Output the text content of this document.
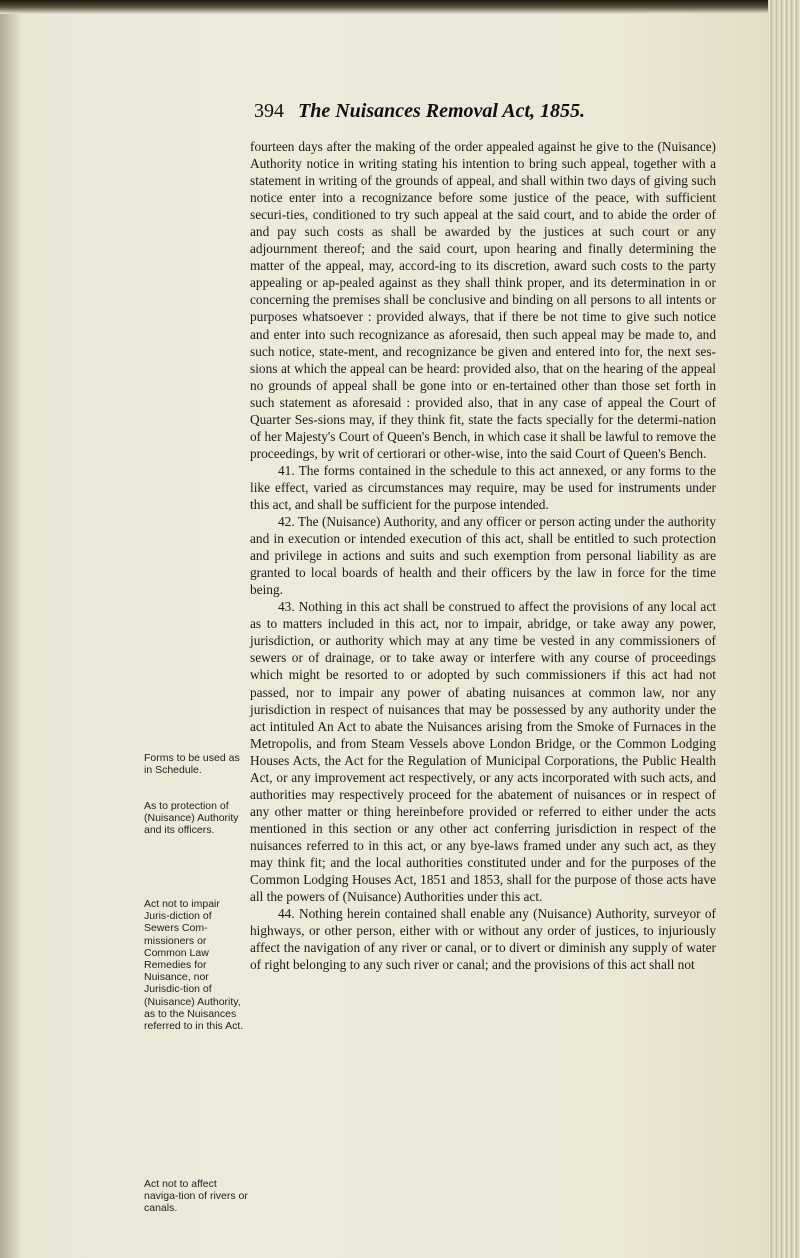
394 The Nuisances Removal Act, 1855.
Forms to be used as in Schedule.
As to protection of (Nuisance) Authority and its officers.
Act not to impair Juris-diction of Sewers Com-missioners or Common Law Remedies for Nuisance, nor Jurisdic-tion of (Nuisance) Authority, as to the Nuisances referred to in this Act.
Act not to affect naviga-tion of rivers or canals.

fourteen days after the making of the order appealed against he give to the (Nuisance) Authority notice in writing stating his intention to bring such appeal, together with a statement in writing of the grounds of appeal, and shall within two days of giving such notice enter into a recognizance before some justice of the peace, with sufficient securi-ties, conditioned to try such appeal at the said court, and to abide the order of and pay such costs as shall be awarded by the justices at such court or any adjournment thereof; and the said court, upon hearing and finally determining the matter of the appeal, may, accord-ing to its discretion, award such costs to the party appealing or ap-pealed against as they shall think proper, and its determination in or concerning the premises shall be conclusive and binding on all persons to all intents or purposes whatsoever : provided always, that if there be not time to give such notice and enter into such recognizance as aforesaid, then such appeal may be made to, and such notice, state-ment, and recognizance be given and entered into for, the next ses-sions at which the appeal can be heard: provided also, that on the hearing of the appeal no grounds of appeal shall be gone into or en-tertained other than those set forth in such statement as aforesaid : provided also, that in any case of appeal the Court of Quarter Ses-sions may, if they think fit, state the facts specially for the determi-nation of her Majesty's Court of Queen's Bench, in which case it shall be lawful to remove the proceedings, by writ of certiorari or other-wise, into the said Court of Queen's Bench.

41. The forms contained in the schedule to this act annexed, or any forms to the like effect, varied as circumstances may require, may be used for instruments under this act, and shall be sufficient for the purpose intended.

42. The (Nuisance) Authority, and any officer or person acting under the authority and in execution or intended execution of this act, shall be entitled to such protection and privilege in actions and suits and such exemption from personal liability as are granted to local boards of health and their officers by the law in force for the time being.

43. Nothing in this act shall be construed to affect the provisions of any local act as to matters included in this act, nor to impair, abridge, or take away any power, jurisdiction, or authority which may at any time be vested in any commissioners of sewers or of drainage, or to take away or interfere with any course of proceedings which might be resorted to or adopted by such commissioners if this act had not passed, nor to impair any power of abating nuisances at common law, nor any jurisdiction in respect of nuisances that may be possessed by any authority under the act intituled An Act to abate the Nuisances arising from the Smoke of Furnaces in the Metropolis, and from Steam Vessels above London Bridge, or the Common Lodging Houses Acts, the Act for the Regulation of Municipal Corporations, the Public Health Act, or any improvement act respectively, or any acts incorporated with such acts, and authorities may respectively proceed for the abatement of nuisances or in respect of any other matter or thing hereinbefore provided or referred to either under the acts mentioned in this section or any other act conferring jurisdiction in respect of the nuisances referred to in this act, or any bye-laws framed under any such act, as they may think fit; and the local authorities constituted under and for the purposes of the Common Lodging Houses Act, 1851 and 1853, shall for the purpose of those acts have all the powers of (Nuisance) Authorities under this act.

44. Nothing herein contained shall enable any (Nuisance) Authority, surveyor of highways, or other person, either with or without any order of justices, to injuriously affect the navigation of any river or canal, or to divert or diminish any supply of water of right belonging to any such river or canal; and the provisions of this act shall not
